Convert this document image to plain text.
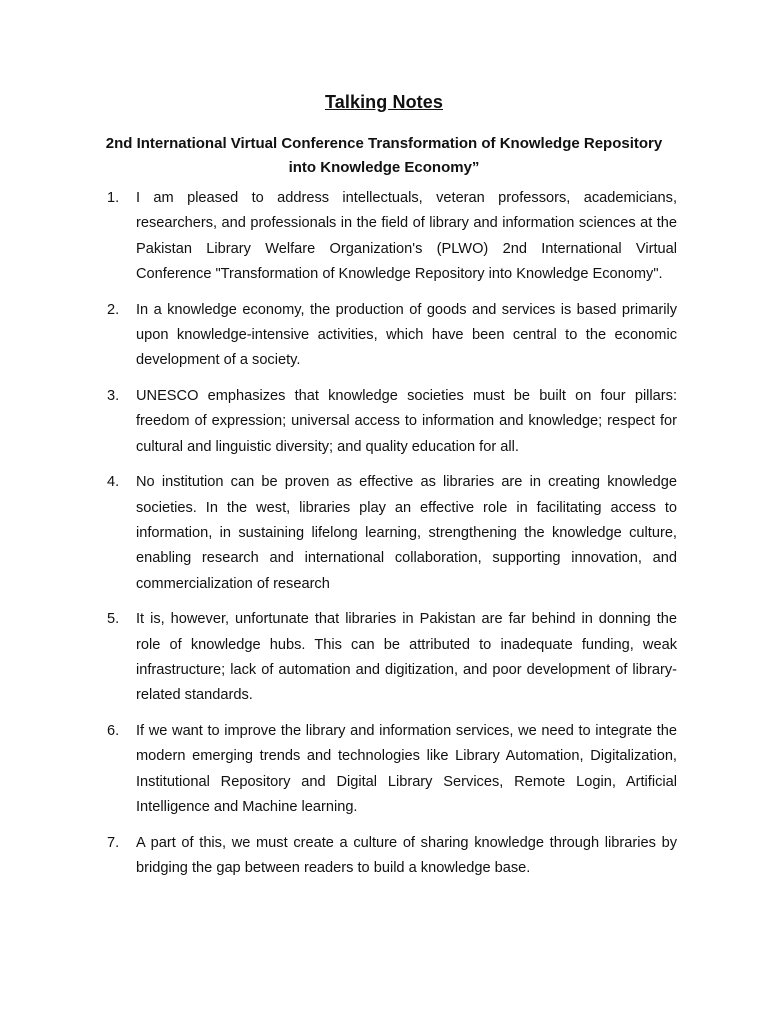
Talking Notes
2nd International Virtual Conference Transformation of Knowledge Repository into Knowledge Economy”
1. I am pleased to address intellectuals, veteran professors, academicians, researchers, and professionals in the field of library and information sciences at the Pakistan Library Welfare Organization's (PLWO) 2nd International Virtual Conference "Transformation of Knowledge Repository into Knowledge Economy".
2. In a knowledge economy, the production of goods and services is based primarily upon knowledge-intensive activities, which have been central to the economic development of a society.
3. UNESCO emphasizes that knowledge societies must be built on four pillars: freedom of expression; universal access to information and knowledge; respect for cultural and linguistic diversity; and quality education for all.
4. No institution can be proven as effective as libraries are in creating knowledge societies. In the west, libraries play an effective role in facilitating access to information, in sustaining lifelong learning, strengthening the knowledge culture, enabling research and international collaboration, supporting innovation, and commercialization of research
5. It is, however, unfortunate that libraries in Pakistan are far behind in donning the role of knowledge hubs. This can be attributed to inadequate funding, weak infrastructure; lack of automation and digitization, and poor development of library-related standards.
6. If we want to improve the library and information services, we need to integrate the modern emerging trends and technologies like Library Automation, Digitalization, Institutional Repository and Digital Library Services, Remote Login, Artificial Intelligence and Machine learning.
7. A part of this, we must create a culture of sharing knowledge through libraries by bridging the gap between readers to build a knowledge base.
